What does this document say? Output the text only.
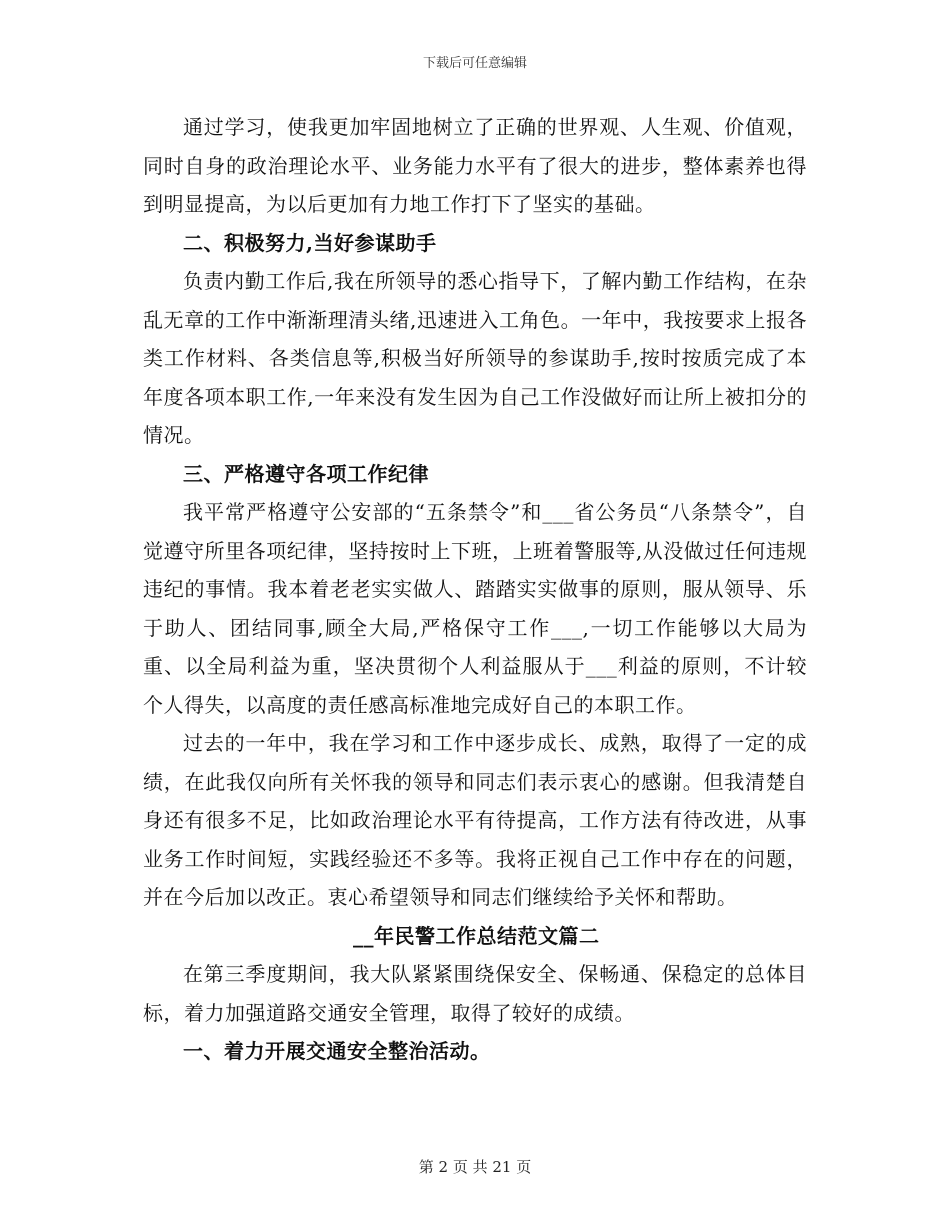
下载后可任意编辑

通过学习，使我更加牢固地树立了正确的世界观、人生观、价值观，同时自身的政治理论水平、业务能力水平有了很大的进步，整体素养也得到明显提高，为以后更加有力地工作打下了坚实的基础。

二、积极努力,当好参谋助手

负责内勤工作后,我在所领导的悉心指导下，了解内勤工作结构，在杂乱无章的工作中渐渐理清头绪,迅速进入工角色。一年中，我按要求上报各类工作材料、各类信息等,积极当好所领导的参谋助手,按时按质完成了本年度各项本职工作,一年来没有发生因为自己工作没做好而让所上被扣分的情况。

三、严格遵守各项工作纪律

我平常严格遵守公安部的“五条禁令”和___省公务员“八条禁令”，自觉遵守所里各项纪律，坚持按时上下班，上班着警服等,从没做过任何违规违纪的事情。我本着老老实实做人、踏踏实实做事的原则，服从领导、乐于助人、团结同事,顾全大局,严格保守工作___,一切工作能够以大局为重、以全局利益为重，坚决贯彻个人利益服从于___利益的原则，不计较个人得失，以高度的责任感高标准地完成好自己的本职工作。

过去的一年中，我在学习和工作中逐步成长、成熟，取得了一定的成绩，在此我仅向所有关怀我的领导和同志们表示衷心的感谢。但我清楚自身还有很多不足，比如政治理论水平有待提高，工作方法有待改进，从事业务工作时间短，实践经验还不多等。我将正视自己工作中存在的问题，并在今后加以改正。衷心希望领导和同志们继续给予关怀和帮助。

__年民警工作总结范文篇二

在第三季度期间，我大队紧紧围绕保安全、保畅通、保稳定的总体目标，着力加强道路交通安全管理，取得了较好的成绩。

一、着力开展交通安全整治活动。

第 2 页 共 21 页
